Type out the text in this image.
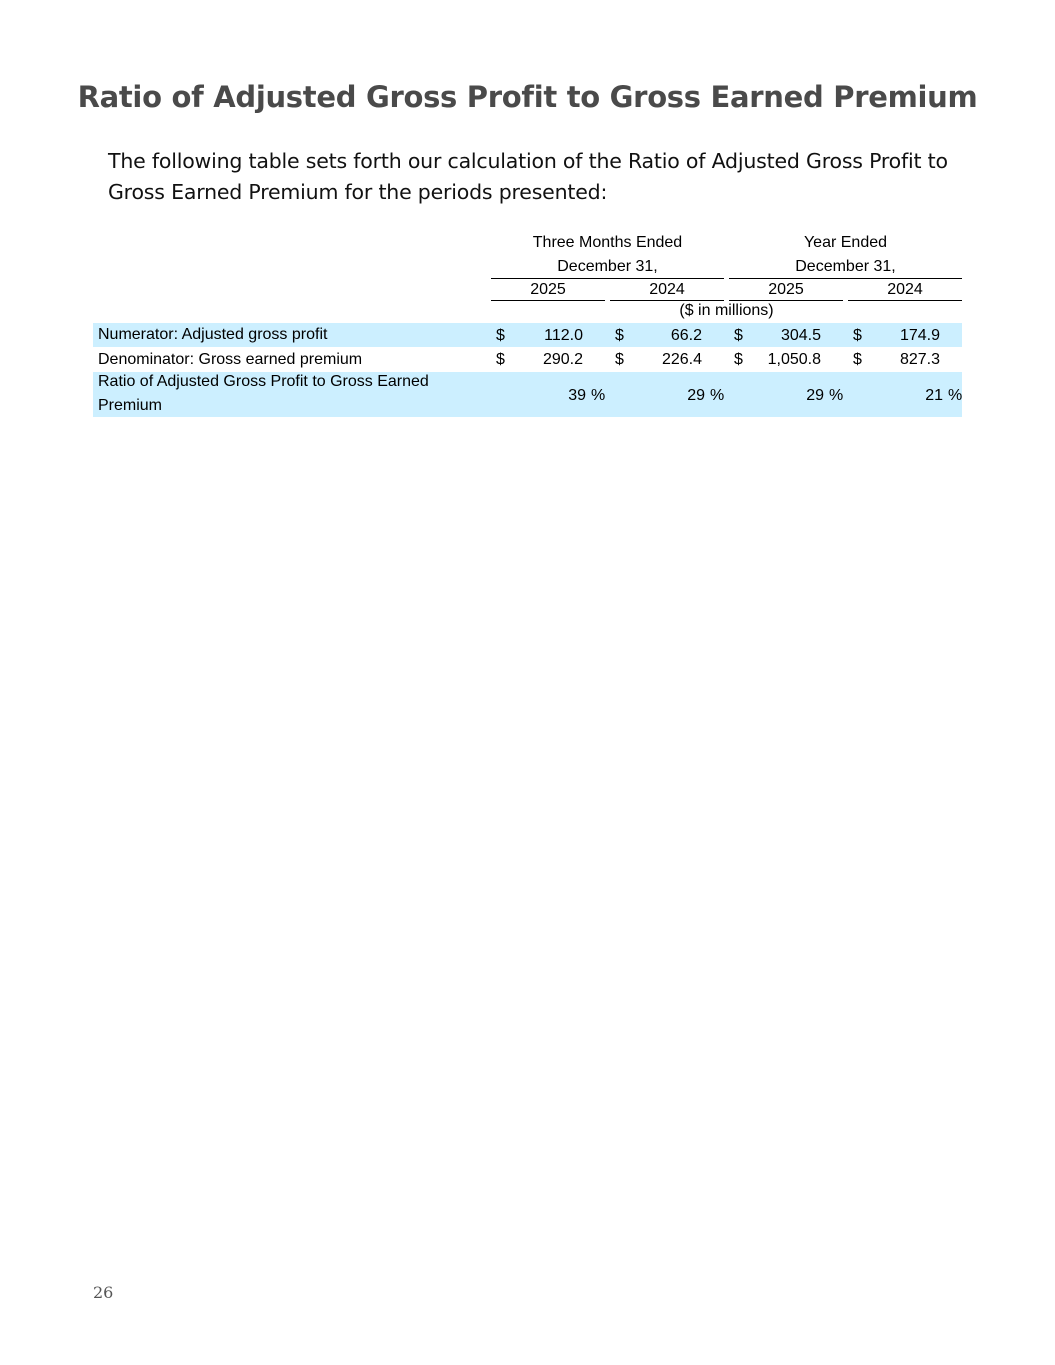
Ratio of Adjusted Gross Profit to Gross Earned Premium
The following table sets forth our calculation of the Ratio of Adjusted Gross Profit to Gross Earned Premium for the periods presented:
Three Months Ended
December 31,
Year Ended
December 31,
2025	2024	2025	2024
($ in millions)
Numerator: Adjusted gross profit	$	112.0 $	66.2 $	304.5 $	174.9
Denominator: Gross earned premium	$	290.2 $	226.4 $	1,050.8 $	827.3
Ratio of Adjusted Gross Profit to Gross Earned
Premium
39 %	29 %	29 %	21 %
26
